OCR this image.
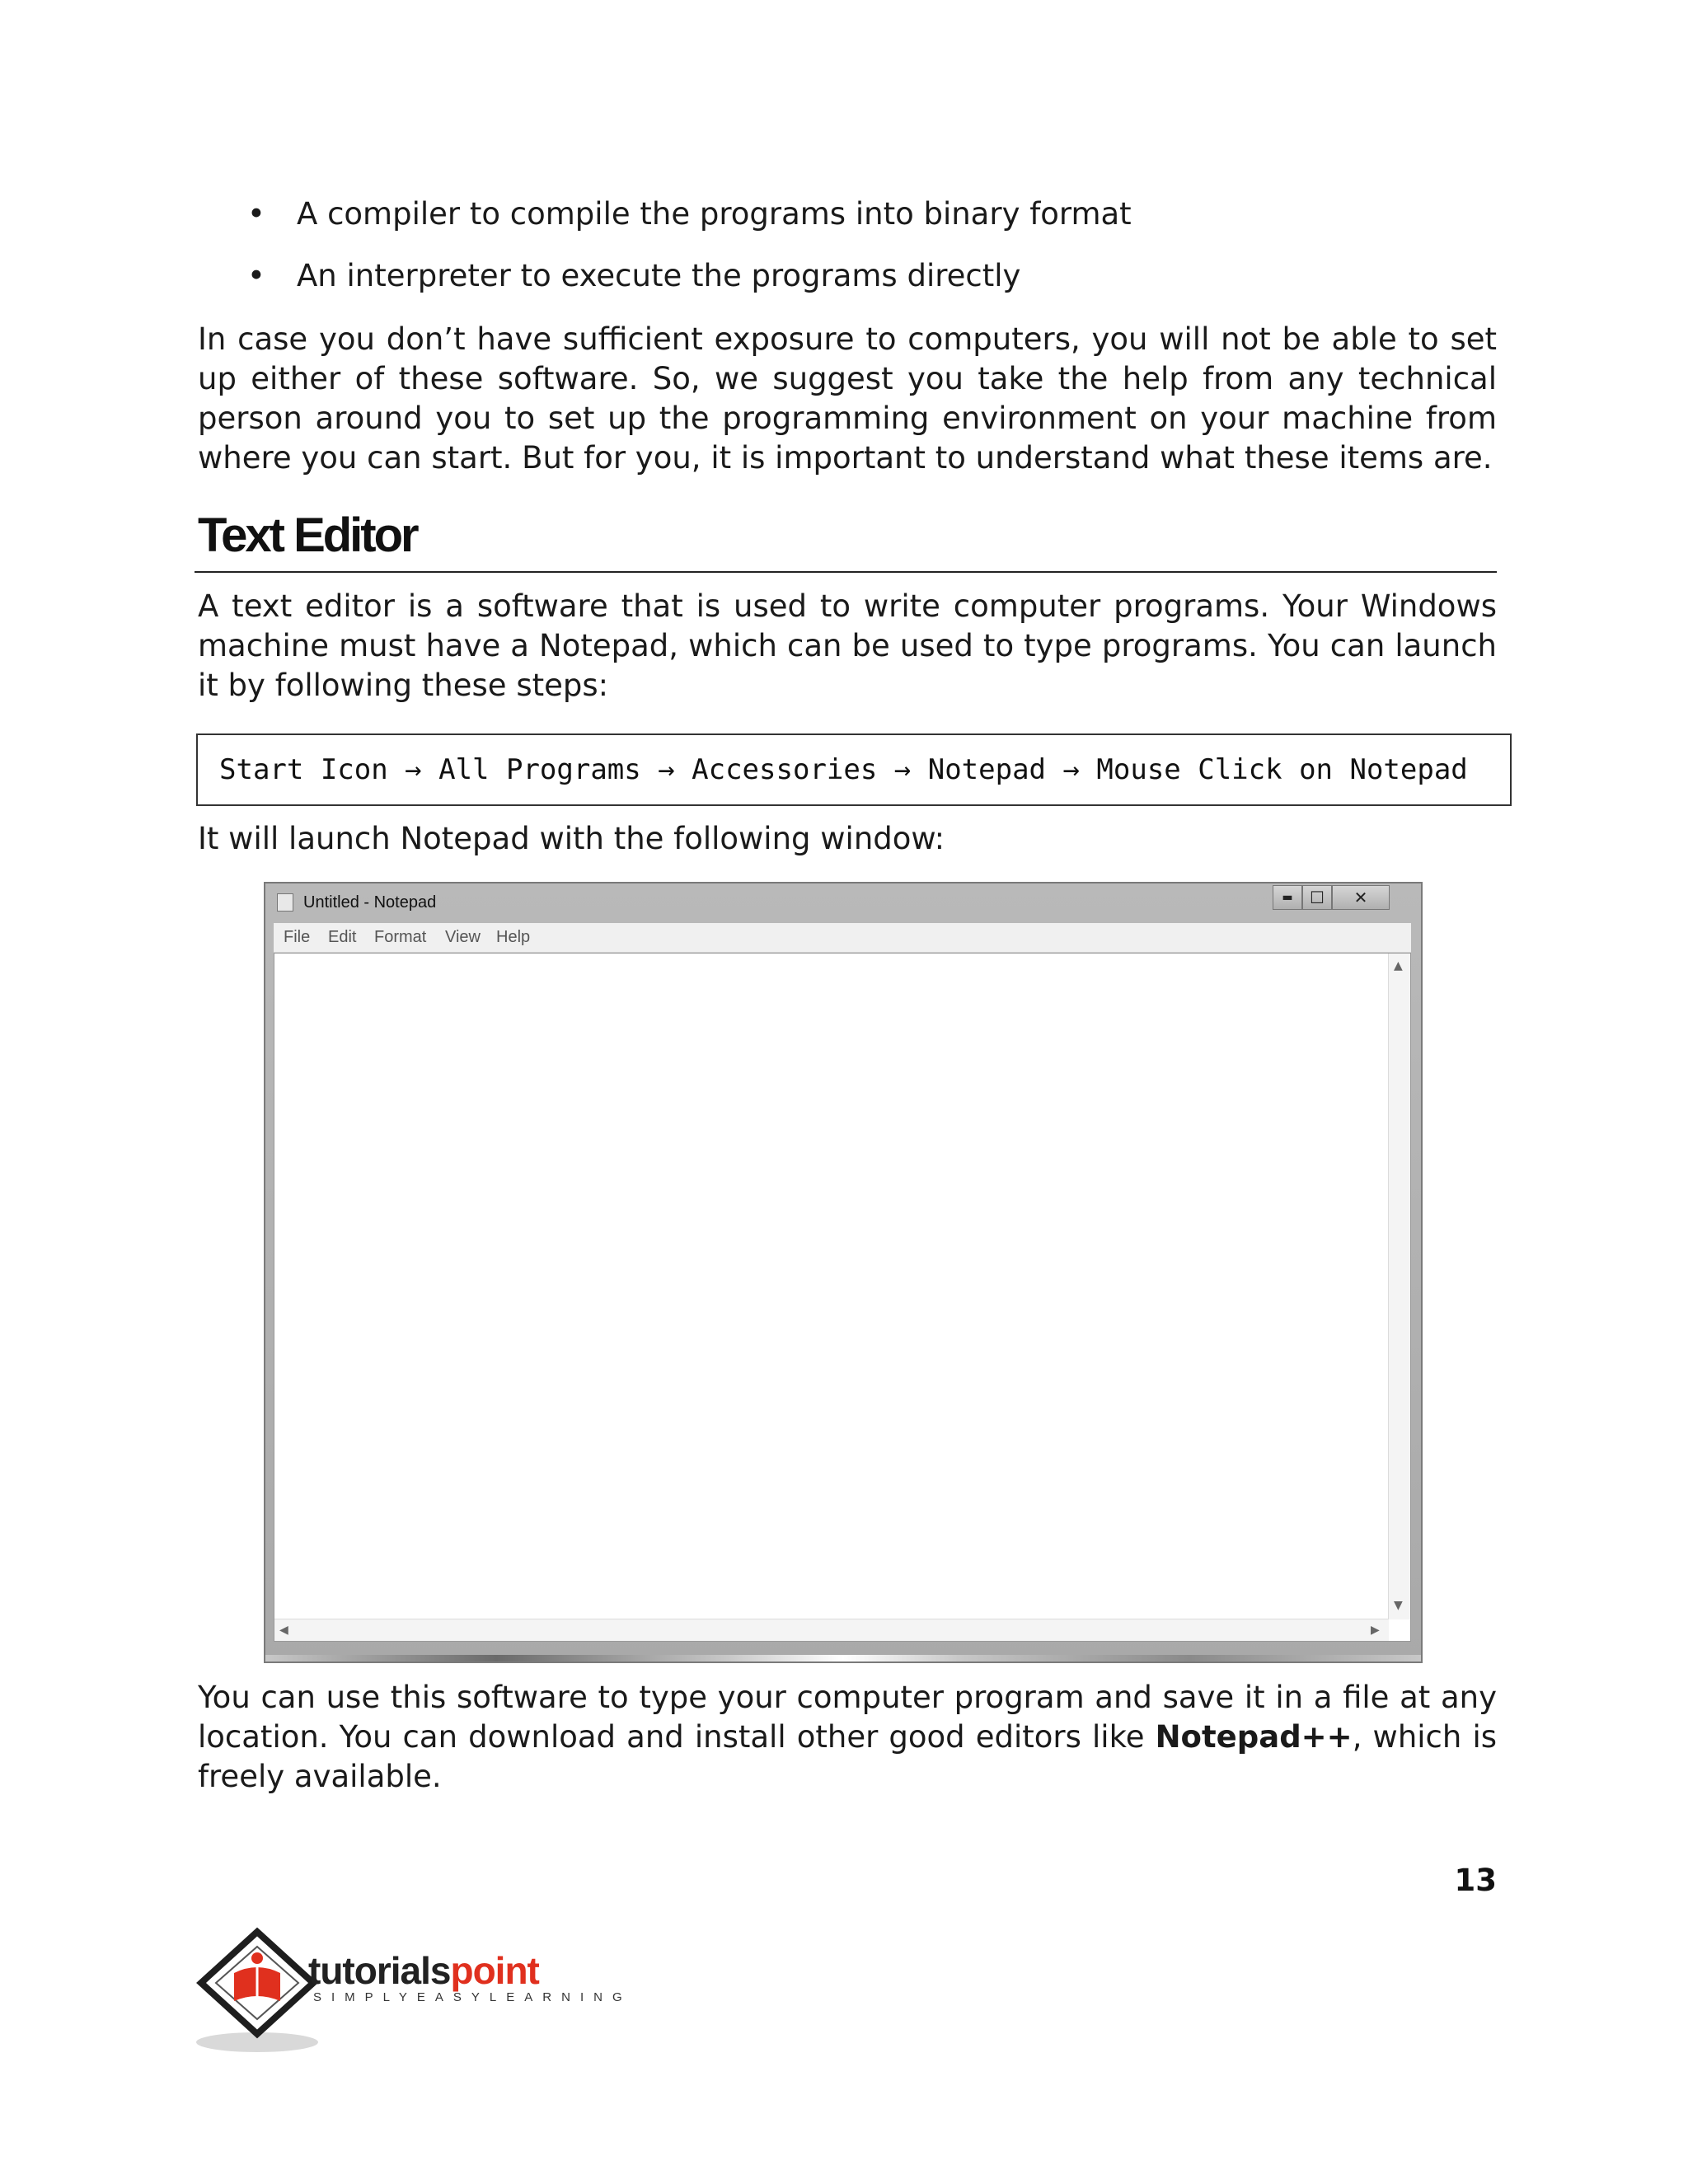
• A compiler to compile the programs into binary format
• An interpreter to execute the programs directly
In case you don’t have sufficient exposure to computers, you will not be able to set up either of these software. So, we suggest you take the help from any technical person around you to set up the programming environment on your machine from where you can start. But for you, it is important to understand what these items are.
Text Editor
A text editor is a software that is used to write computer programs. Your Windows machine must have a Notepad, which can be used to type programs. You can launch it by following these steps:
Start Icon → All Programs → Accessories → Notepad → Mouse Click on Notepad
It will launch Notepad with the following window:
Untitled - Notepad	▬	☐	✕
File Edit Format View Help
▲
▼
◀	▶
You can use this software to type your computer program and save it in a file at any location. You can download and install other good editors like Notepad++, which is freely available.
13
tutorialspoint
SIMPLYEASYLEARNING
